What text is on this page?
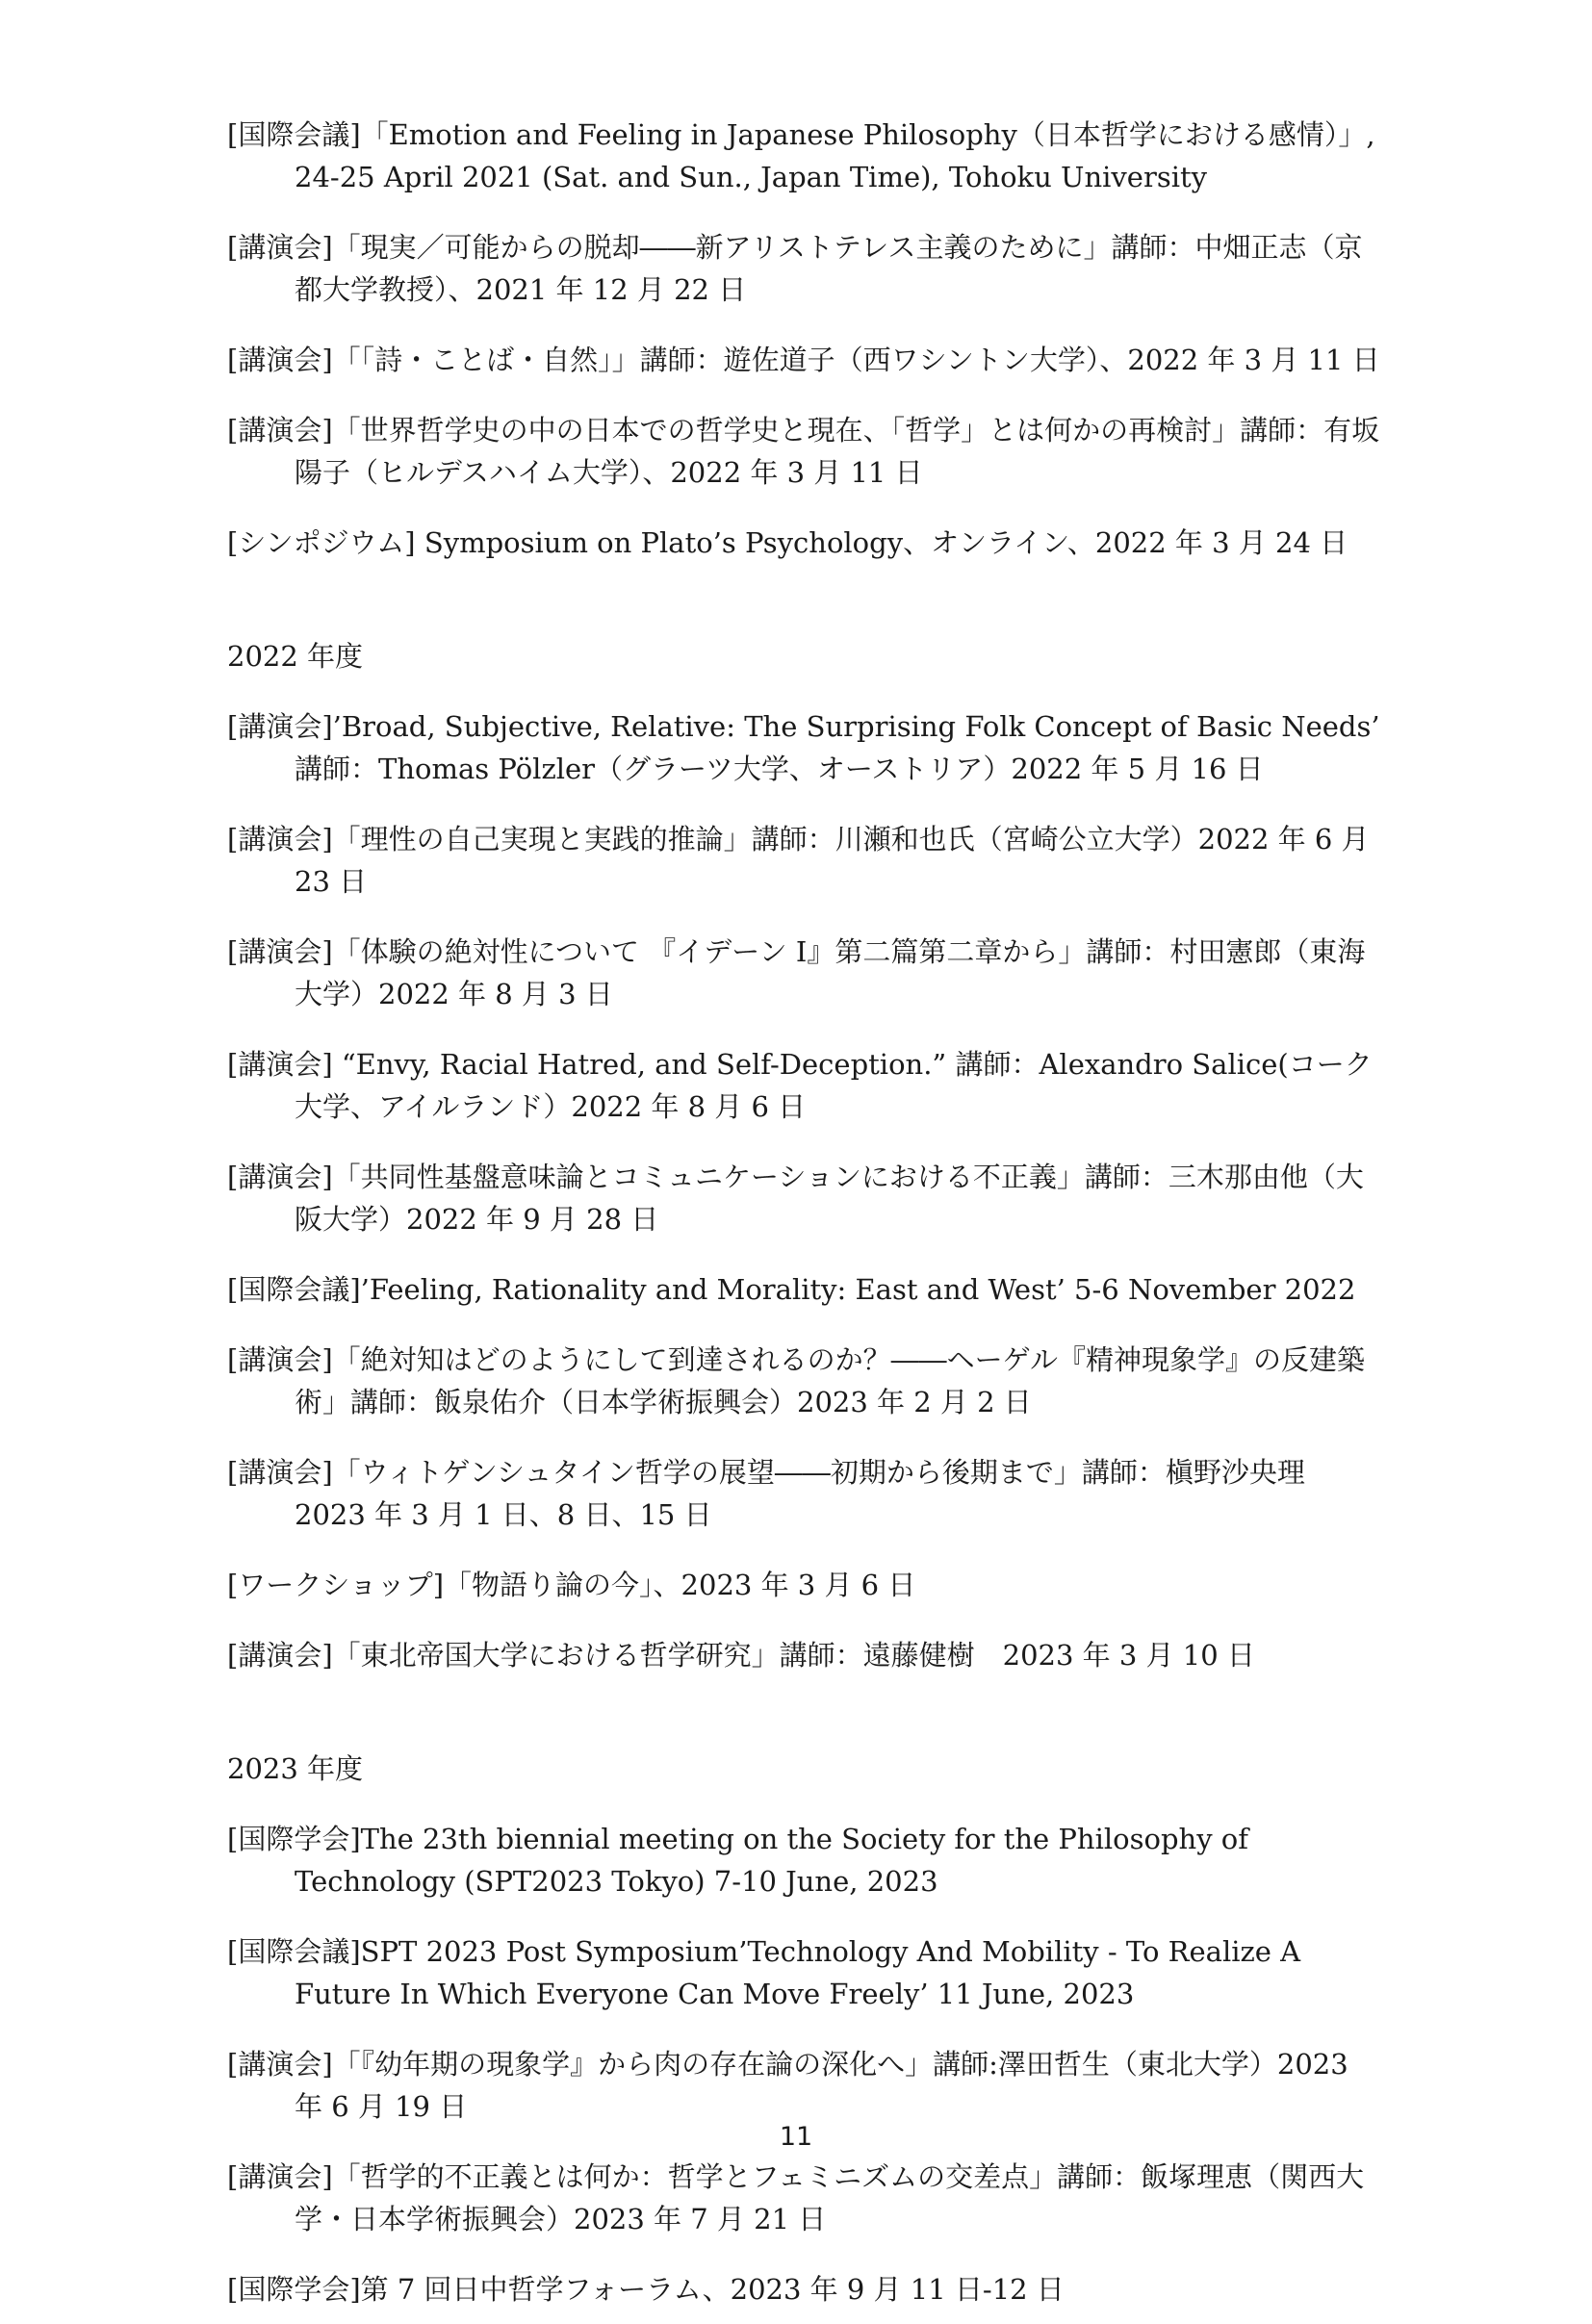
[国際会議]「Emotion and Feeling in Japanese Philosophy（日本哲学における感情）」, 24-25 April 2021 (Sat. and Sun., Japan Time), Tohoku University

[講演会]「現実／可能からの脱却――新アリストテレス主義のために」講師：中畑正志（京都大学教授）、2021 年 12 月 22 日

[講演会]「「詩・ことば・自然」」講師：遊佐道子（西ワシントン大学）、2022 年 3 月 11 日

[講演会]「世界哲学史の中の日本での哲学史と現在、「哲学」とは何かの再検討」講師：有坂陽子（ヒルデスハイム大学）、2022 年 3 月 11 日

[シンポジウム] Symposium on Plato’s Psychology、オンライン、2022 年 3 月 24 日

2022 年度

[講演会]’Broad, Subjective, Relative: The Surprising Folk Concept of Basic Needs’ 講師：Thomas Pölzler（グラーツ大学、オーストリア）2022 年 5 月 16 日

[講演会]「理性の自己実現と実践的推論」講師：川瀬和也氏（宮崎公立大学）2022 年 6 月 23 日

[講演会]「体験の絶対性について 『イデーン I』第二篇第二章から」講師：村田憲郎（東海大学）2022 年 8 月 3 日

[講演会] “Envy, Racial Hatred, and Self-Deception.” 講師：Alexandro Salice(コーク大学、アイルランド）2022 年 8 月 6 日

[講演会]「共同性基盤意味論とコミュニケーションにおける不正義」講師：三木那由他（大阪大学）2022 年 9 月 28 日

[国際会議]’Feeling, Rationality and Morality: East and West’ 5-6 November 2022

[講演会]「絶対知はどのようにして到達されるのか？――ヘーゲル『精神現象学』の反建築術」講師：飯泉佑介（日本学術振興会）2023 年 2 月 2 日

[講演会]「ウィトゲンシュタイン哲学の展望――初期から後期まで」講師：槇野沙央理 2023 年 3 月 1 日、8 日、15 日

[ワークショップ]「物語り論の今」、2023 年 3 月 6 日

[講演会]「東北帝国大学における哲学研究」講師：遠藤健樹　2023 年 3 月 10 日

2023 年度

[国際学会]The 23th biennial meeting on the Society for the Philosophy of Technology (SPT2023 Tokyo) 7-10 June, 2023

[国際会議]SPT 2023 Post Symposium’Technology And Mobility - To Realize A Future In Which Everyone Can Move Freely’ 11 June, 2023

[講演会]「『幼年期の現象学』から肉の存在論の深化へ」講師:澤田哲生（東北大学）2023 年 6 月 19 日

[講演会]「哲学的不正義とは何か：哲学とフェミニズムの交差点」講師：飯塚理恵（関西大学・日本学術振興会）2023 年 7 月 21 日

[国際学会]第 7 回日中哲学フォーラム、2023 年 9 月 11 日-12 日

11
